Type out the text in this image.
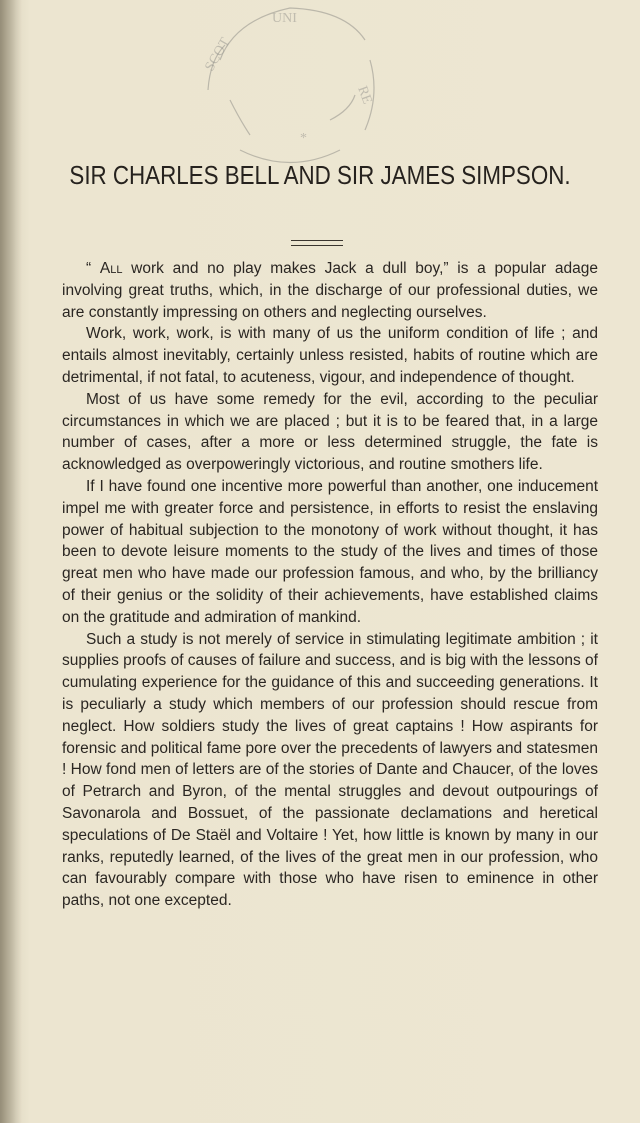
UNI
SCOT
RE
*
SIR CHARLES BELL AND SIR JAMES SIMPSON.

“ All work and no play makes Jack a dull boy,” is a popular adage involving great truths, which, in the discharge of our professional duties, we are constantly impressing on others and neglecting ourselves.

Work, work, work, is with many of us the uniform condition of life ; and entails almost inevitably, certainly unless resisted, habits of routine which are detrimental, if not fatal, to acuteness, vigour, and independence of thought.

Most of us have some remedy for the evil, according to the peculiar circumstances in which we are placed ; but it is to be feared that, in a large number of cases, after a more or less determined struggle, the fate is acknowledged as overpoweringly victorious, and routine smothers life.

If I have found one incentive more powerful than another, one inducement impel me with greater force and persistence, in efforts to resist the enslaving power of habitual subjection to the monotony of work without thought, it has been to devote leisure moments to the study of the lives and times of those great men who have made our profession famous, and who, by the brilliancy of their genius or the solidity of their achievements, have established claims on the gratitude and admiration of mankind.

Such a study is not merely of service in stimulating legitimate ambition ; it supplies proofs of causes of failure and success, and is big with the lessons of cumulating experience for the guidance of this and succeeding generations. It is peculiarly a study which members of our profession should rescue from neglect. How soldiers study the lives of great captains ! How aspirants for forensic and political fame pore over the precedents of lawyers and statesmen ! How fond men of letters are of the stories of Dante and Chaucer, of the loves of Petrarch and Byron, of the mental struggles and devout outpourings of Savonarola and Bossuet, of the passionate declamations and heretical speculations of De Staël and Voltaire ! Yet, how little is known by many in our ranks, reputedly learned, of the lives of the great men in our profession, who can favourably compare with those who have risen to eminence in other paths, not one excepted.
